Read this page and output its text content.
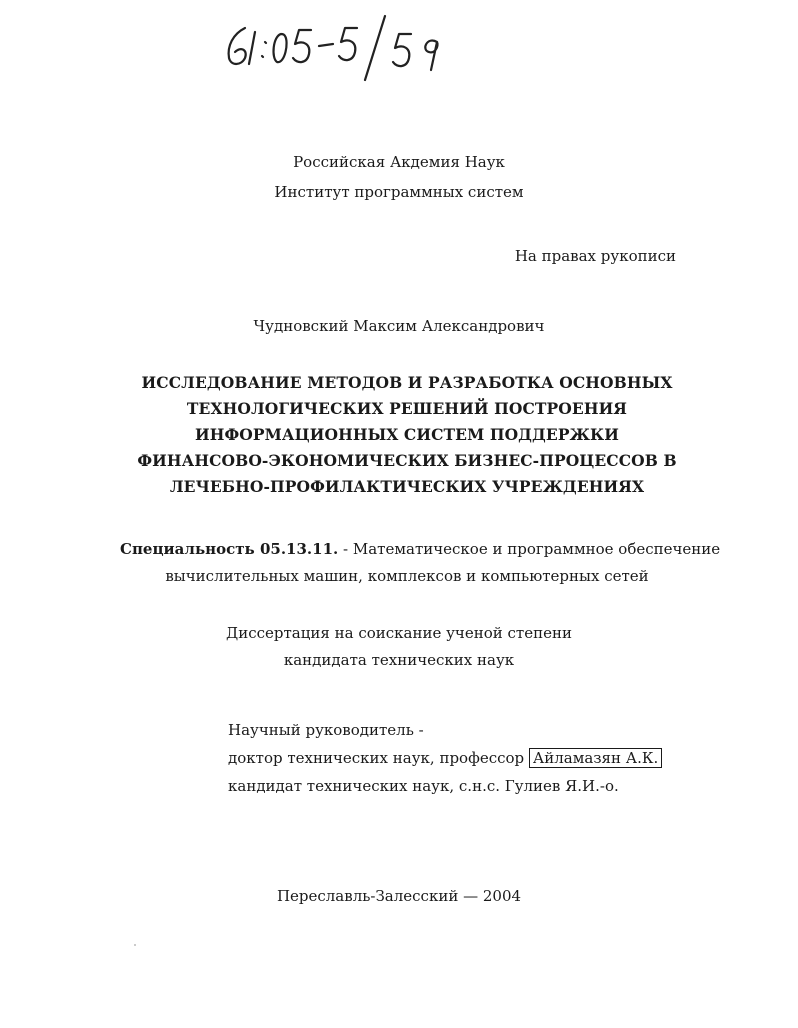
Российская Акдемия Наук
Институт программных систем
На правах рукописи
Чудновский Максим Александрович
ИССЛЕДОВАНИЕ МЕТОДОВ И РАЗРАБОТКА ОСНОВНЫХ
ТЕХНОЛОГИЧЕСКИХ РЕШЕНИЙ ПОСТРОЕНИЯ
ИНФОРМАЦИОННЫХ СИСТЕМ ПОДДЕРЖКИ
ФИНАНСОВО-ЭКОНОМИЧЕСКИХ БИЗНЕС-ПРОЦЕССОВ В
ЛЕЧЕБНО-ПРОФИЛАКТИЧЕСКИХ УЧРЕЖДЕНИЯХ
Специальность 05.13.11. - Математическое и программное обеспечение
вычислительных машин, комплексов и компьютерных сетей
Диссертация на соискание ученой степени
кандидата технических наук
Научный руководитель -
доктор технических наук, профессор Айламазян А.К.
кандидат технических наук, с.н.с. Гулиев Я.И.-о.
Переславль-Залесский — 2004
